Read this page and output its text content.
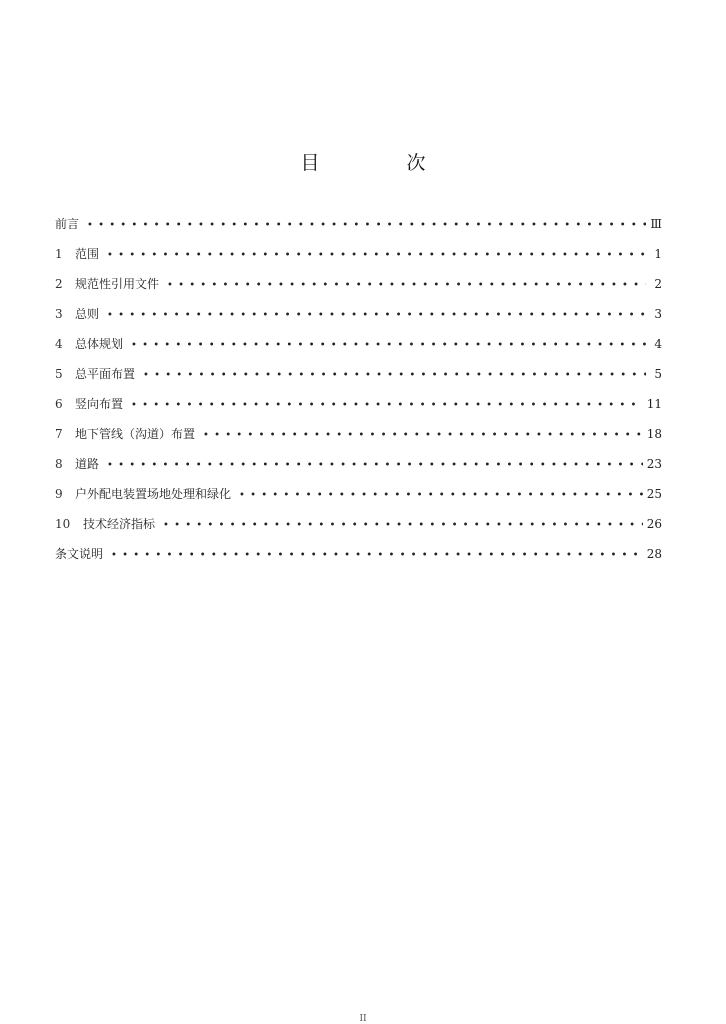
目　次
前言 •••••	Ⅲ
1	范围 •••••	1
2	规范性引用文件 •••••	2
3	总则 •••••	3
4	总体规划 •••••	4
5	总平面布置 •••••	5
6	竖向布置 •••••	11
7	地下管线（沟道）布置 •••••	18
8	道路 •••••	23
9	户外配电装置场地处理和绿化 •••••	25
10	技术经济指标 •••••	26
条文说明 •••••	28
II
